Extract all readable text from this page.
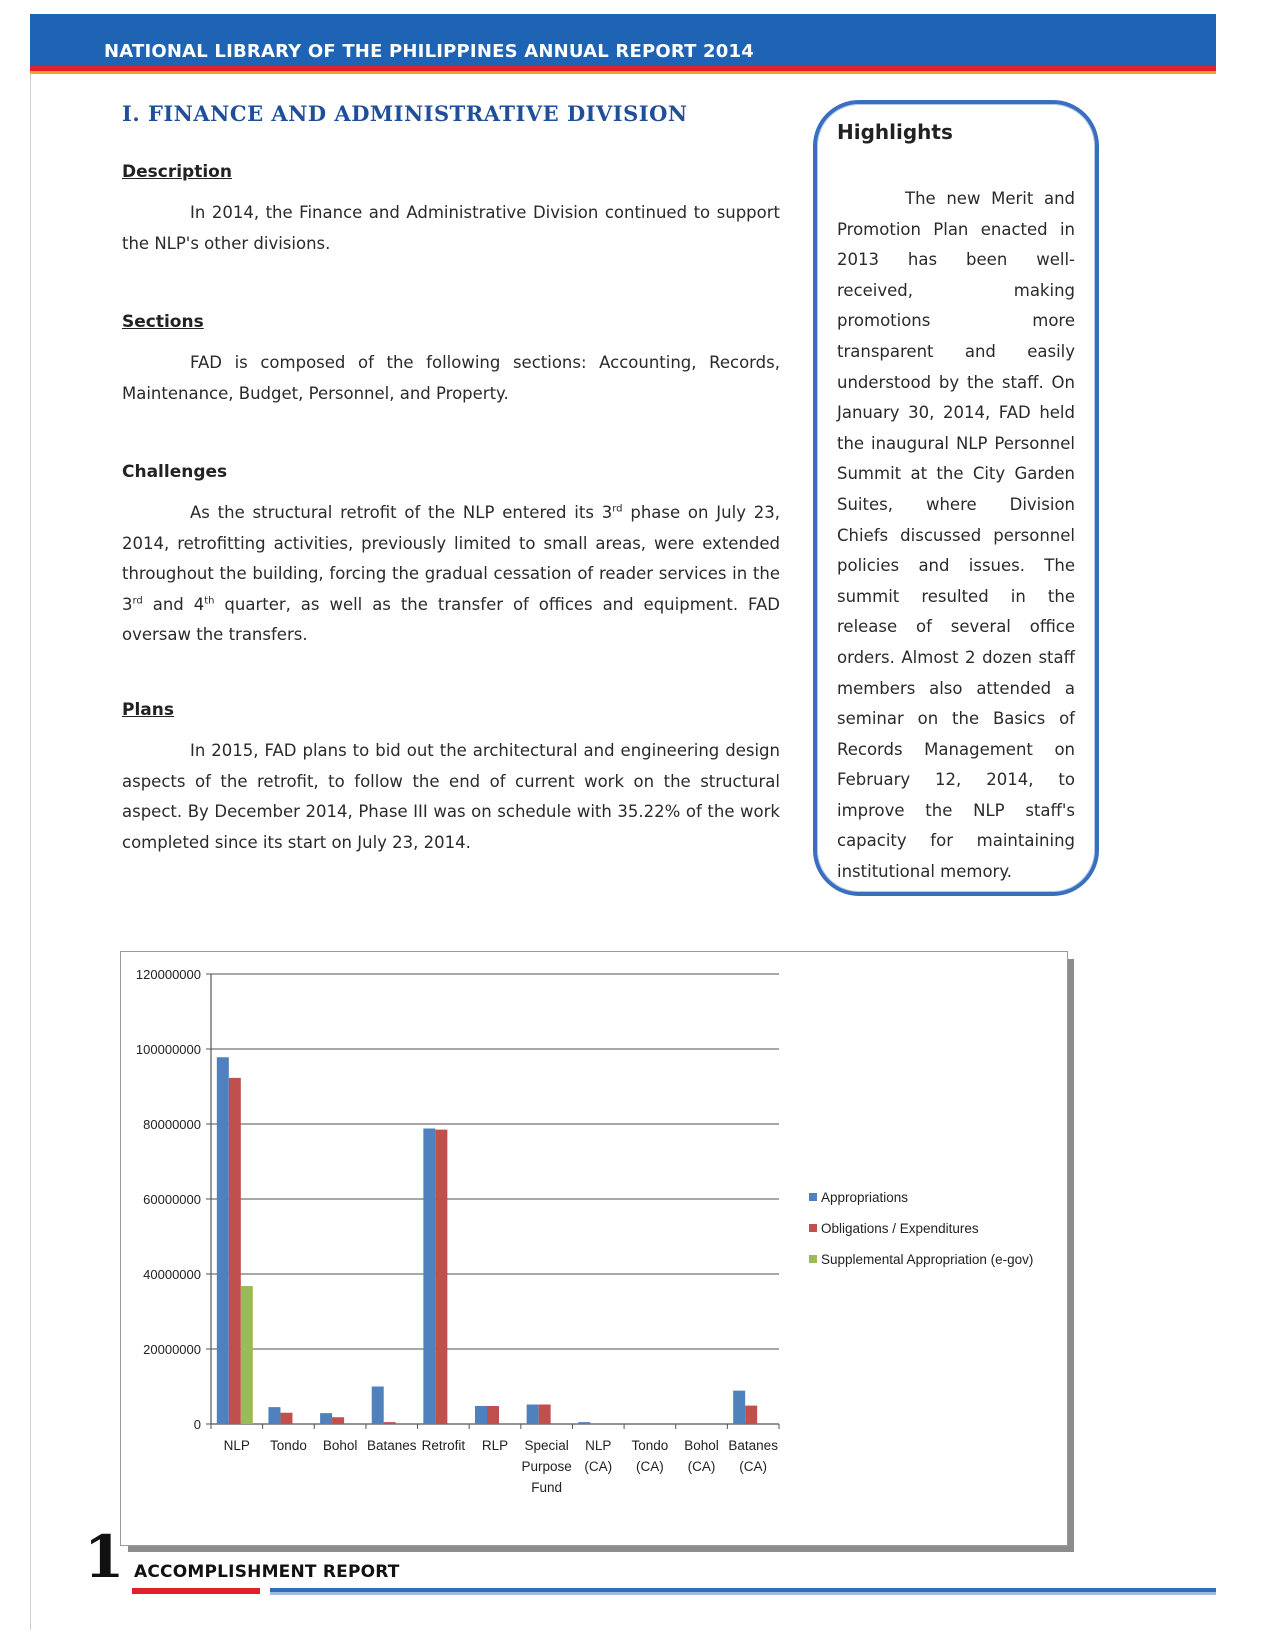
NATIONAL LIBRARY OF THE PHILIPPINES ANNUAL REPORT 2014
I. FINANCE AND ADMINISTRATIVE DIVISION
Description

In 2014, the Finance and Administrative Division continued to support the NLP's other divisions.

Sections

FAD is composed of the following sections: Accounting, Records, Maintenance, Budget, Personnel, and Property.

Challenges

As the structural retrofit of the NLP entered its 3rd phase on July 23, 2014, retrofitting activities, previously limited to small areas, were extended throughout the building, forcing the gradual cessation of reader services in the 3rd and 4th quarter, as well as the transfer of offices and equipment. FAD oversaw the transfers.

Plans

In 2015, FAD plans to bid out the architectural and engineering design aspects of the retrofit, to follow the end of current work on the structural aspect. By December 2014, Phase III was on schedule with 35.22% of the work completed since its start on July 23, 2014.

Highlights

The new Merit and Promotion Plan enacted in 2013 has been well-received, making promotions more transparent and easily understood by the staff. On January 30, 2014, FAD held the inaugural NLP Personnel Summit at the City Garden Suites, where Division Chiefs discussed personnel policies and issues. The summit resulted in the release of several office orders. Almost 2 dozen staff members also attended a seminar on the Basics of Records Management on February 12, 2014, to improve the NLP staff's capacity for maintaining institutional memory.

0
20000000
40000000
60000000
80000000
100000000
120000000
NLP Tondo Bohol Batanes Retrofit RLP Special Purpose Fund
NLP (CA)
Tondo (CA)
Bohol (CA)
Batanes (CA)
Appropriations
Obligations / Expenditures
Supplemental Appropriation (e-gov)
1 ACCOMPLISHMENT REPORT
